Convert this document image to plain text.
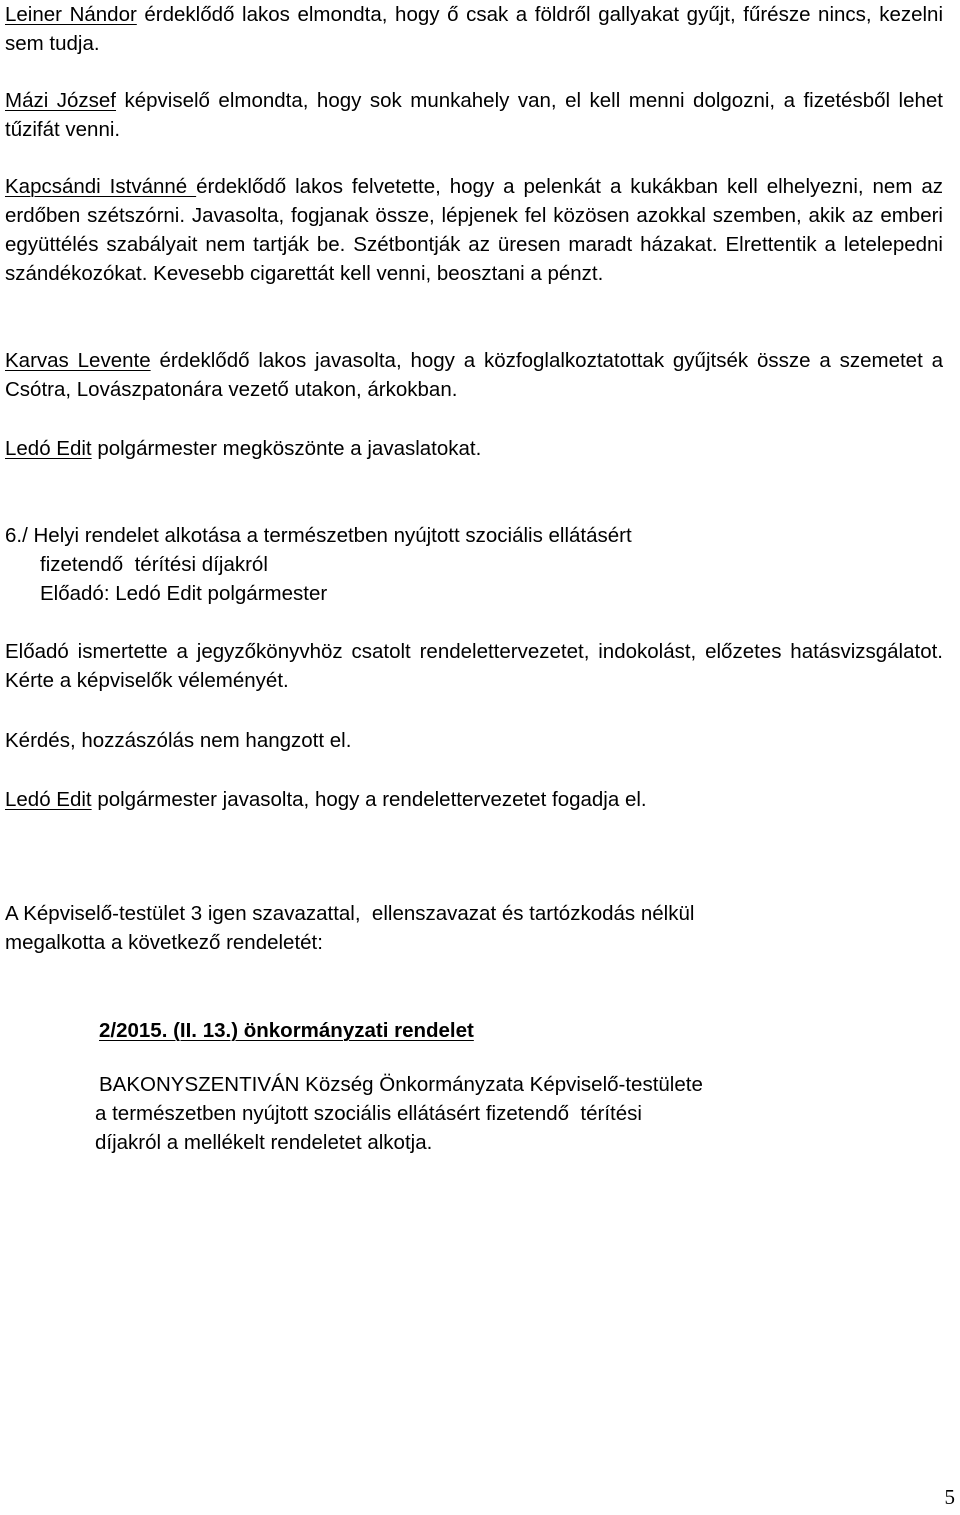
Leiner Nándor érdeklődő lakos elmondta, hogy ő csak a földről gallyakat gyűjt, fűrésze nincs, kezelni sem tudja.

Mázi József képviselő elmondta, hogy sok munkahely van, el kell menni dolgozni, a fizetésből lehet tűzifát venni.

Kapcsándi Istvánné érdeklődő lakos felvetette, hogy a pelenkát a kukákban kell elhelyezni, nem az erdőben szétszórni. Javasolta, fogjanak össze, lépjenek fel közösen azokkal szemben, akik az emberi együttélés szabályait nem tartják be. Szétbontják az üresen maradt házakat. Elrettentik a letelepedni szándékozókat. Kevesebb cigarettát kell venni, beosztani a pénzt.

Karvas Levente érdeklődő lakos javasolta, hogy a közfoglalkoztatottak gyűjtsék össze a szemetet a Csótra, Lovászpatonára vezető utakon, árkokban.

Ledó Edit polgármester megköszönte a javaslatokat.

6./ Helyi rendelet alkotása a természetben nyújtott szociális ellátásért

fizetendő  térítési díjakról

Előadó: Ledó Edit polgármester

Előadó ismertette a jegyzőkönyvhöz csatolt rendelettervezetet, indokolást, előzetes hatásvizsgálatot. Kérte a képviselők véleményét.

Kérdés, hozzászólás nem hangzott el.

Ledó Edit polgármester javasolta, hogy a rendelettervezetet fogadja el.

A Képviselő-testület 3 igen szavazattal,  ellenszavazat és tartózkodás nélkül

megalkotta a következő rendeletét:

2/2015. (II. 13.) önkormányzati rendelet

BAKONYSZENTIVÁN Község Önkormányzata Képviselő-testülete

a természetben nyújtott szociális ellátásért fizetendő  térítési

díjakról a mellékelt rendeletet alkotja.

5
